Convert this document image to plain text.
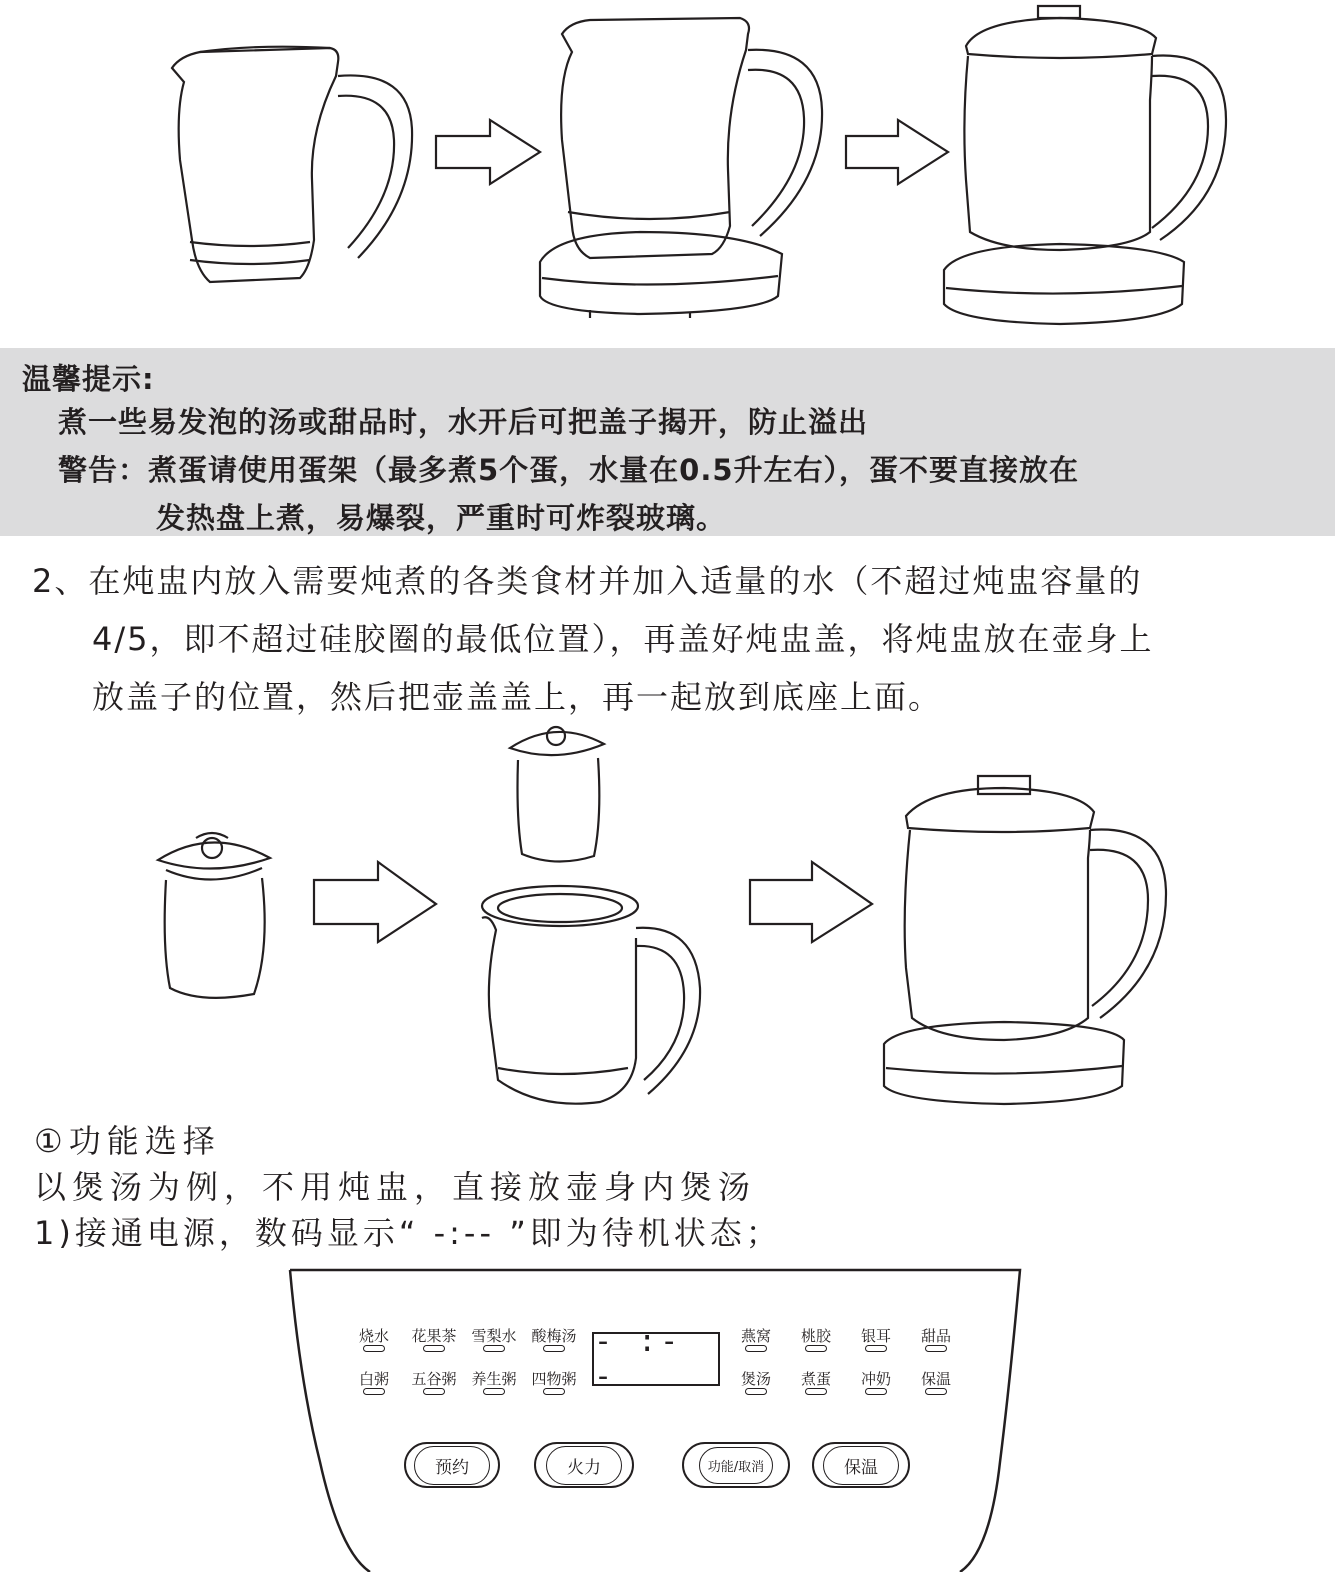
温馨提示:
煮一些易发泡的汤或甜品时，水开后可把盖子揭开，防止溢出
警告：煮蛋请使用蛋架（最多煮5个蛋，水量在0.5升左右），蛋不要直接放在
发热盘上煮，易爆裂，严重时可炸裂玻璃。
2、在炖盅内放入需要炖煮的各类食材并加入适量的水（不超过炖盅容量的
4/5，即不超过硅胶圈的最低位置），再盖好炖盅盖，将炖盅放在壶身上
放盖子的位置，然后把壶盖盖上，再一起放到底座上面。
①功能选择
以煲汤为例，不用炖盅，直接放壶身内煲汤
1)接通电源，数码显示“ -:-- ”即为待机状态；
- :- -
烧水	花果茶 雪梨水 酸梅汤
白粥	五谷粥 养生粥 四物粥
燕窝	桃胶	银耳	甜品
煲汤	煮蛋	冲奶	保温
预约	火力	功能/取消	保温
